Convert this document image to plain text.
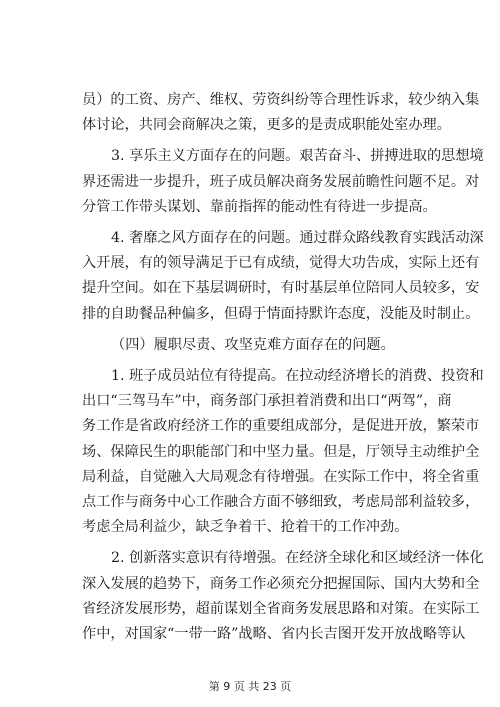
员）的工资、房产、维权、劳资纠纷等合理性诉求，较少纳入集
体讨论，共同会商解决之策，更多的是责成职能处室办理。

3. 享乐主义方面存在的问题。艰苦奋斗、拼搏进取的思想境
界还需进一步提升，班子成员解决商务发展前瞻性问题不足。对
分管工作带头谋划、靠前指挥的能动性有待进一步提高。

4. 奢靡之风方面存在的问题。通过群众路线教育实践活动深
入开展，有的领导满足于已有成绩，觉得大功告成，实际上还有
提升空间。如在下基层调研时，有时基层单位陪同人员较多，安
排的自助餐品种偏多，但碍于情面持默许态度，没能及时制止。

（四）履职尽责、攻坚克难方面存在的问题。

1. 班子成员站位有待提高。在拉动经济增长的消费、投资和
出口“三驾马车”中，商务部门承担着消费和出口“两驾”，商
务工作是省政府经济工作的重要组成部分，是促进开放，繁荣市
场、保障民生的职能部门和中坚力量。但是，厅领导主动维护全
局利益，自觉融入大局观念有待增强。在实际工作中，将全省重
点工作与商务中心工作融合方面不够细致，考虑局部利益较多，
考虑全局利益少，缺乏争着干、抢着干的工作冲劲。

2. 创新落实意识有待增强。在经济全球化和区域经济一体化
深入发展的趋势下，商务工作必须充分把握国际、国内大势和全
省经济发展形势，超前谋划全省商务发展思路和对策。在实际工
作中，对国家“一带一路”战略、省内长吉图开发开放战略等认

第 9 页 共 23 页
